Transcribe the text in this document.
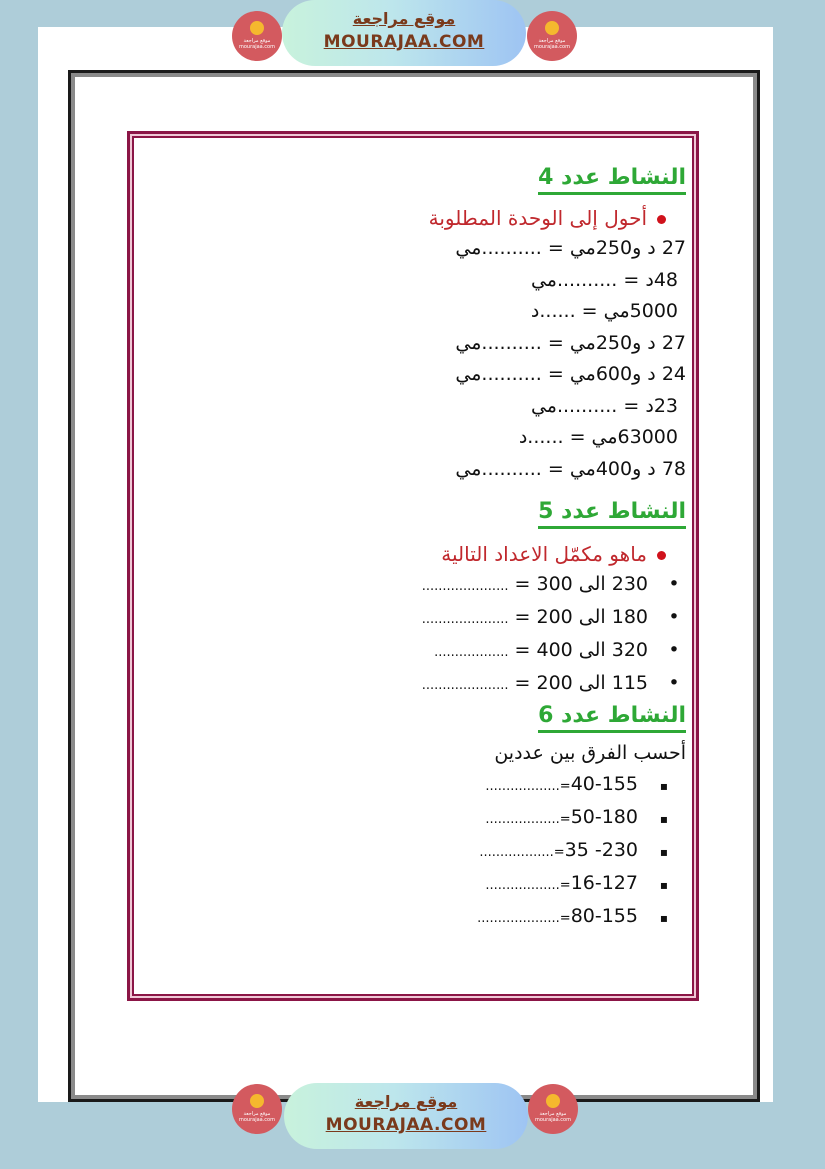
موقع مراجعة mourajaa.com
موقع مراجعة
MOURAJAA.COM	موقع مراجعة mourajaa.com
النشاط عدد 4
أحول إلى الوحدة المطلوبة
27 د و250مي = ..........مي
48د = ..........مي
5000مي = ......د
27 د و250مي = ..........مي
24 د و600مي = ..........مي
23د = ..........مي
63000مي = ......د
78 د و400مي = ..........مي
النشاط عدد 5
ماهو مكمّل الاعداد التالية
•230 الى 300 = .....................
•180 الى 200 = .....................
•320 الى 400 = ..................
•115 الى 200 = .....................
النشاط عدد 6
أحسب الفرق بين عددين
▪40-155=..................
▪50-180=..................
▪230- 35=..................
▪16-127=..................
▪80-155=....................
موقع مراجعة mourajaa.com
موقع مراجعة
MOURAJAA.COM
موقع مراجعة mourajaa.com
